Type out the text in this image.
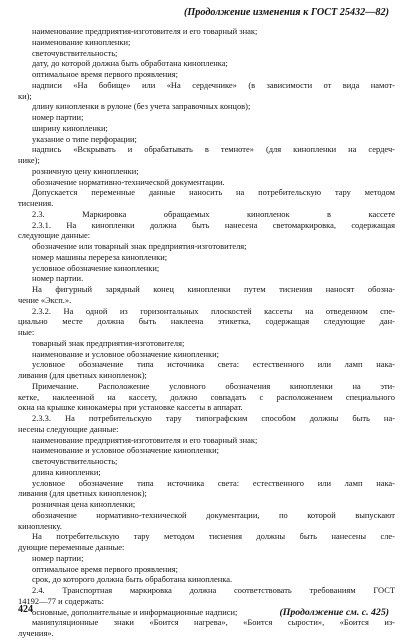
(Продолжение изменения к ГОСТ 25432—82)
наименование предприятия-изготовителя и его товарный знак;
наименование кинопленки;
светочувствительность;
дату, до которой должна быть обработана кинопленка;
оптимальное время первого проявления;
надписи «На бобище» или «На сердечнике» (в зависимости от вида намот-
ки);
длину кинопленки в рулоне (без учета заправочных концов);
номер партии;
ширину кинопленки;
указание о типе перфорации;
надпись «Вскрывать и обрабатывать в темноте» (для кинопленки на сердеч-
нике);
розничную цену кинопленки;
обозначение нормативно-технической документации.
Допускается переменные данные наносить на потребительскую тару методом
тиснения.
2.3. Маркировка обращаемых кинопленок в кассете
2.3.1. На кинопленки должна быть нанесена светомаркировка, содержащая
следующие данные:
обозначение или товарный знак предприятия-изготовителя;
номер машины перереза кинопленки;
условное обозначение кинопленки;
номер партии.
На фигурный зарядный конец кинопленки путем тиснения наносят обозна-
чение «Эксп.».
2.3.2. На одной из горизонтальных плоскостей кассеты на отведенном спе-
циально месте должна быть наклеена этикетка, содержащая следующие дан-
ные:
товарный знак предприятия-изготовителя;
наименование и условное обозначение кинопленки;
условное обозначение типа источника света: естественного или ламп нака-
ливания (для цветных кинопленок);
Примечание. Расположение условного обозначения кинопленки на эти-
кетке, наклеенной на кассету, должно совпадать с расположением специального
окна на крышке кинокамеры при установке кассеты в аппарат.
2.3.3. На потребительскую тару типографским способом должны быть на-
несены следующие данные:
наименование предприятия-изготовителя и его товарный знак;
наименование и условное обозначение кинопленки;
светочувствительность;
длина кинопленки;
условное обозначение типа источника света: естественного или ламп нака-
ливания (для цветных кинопленок);
розничная цена кинопленки;
обозначение нормативно-технической документации, по которой выпускают
кинопленку.
На потребительскую тару методом тиснения должны быть нанесены сле-
дующие переменные данные:
номер партии;
оптимальное время первого проявления;
срок, до которого должна быть обработана кинопленка.
2.4. Транспортная маркировка должна соответствовать требованиям ГОСТ
14192—77 и содержать:
основные, дополнительные и информационные надписи;
манипуляционные знаки «Боится нагрева», «Боится сырости», «Боится из-
лучения».
424	(Продолжение см. с. 425)
